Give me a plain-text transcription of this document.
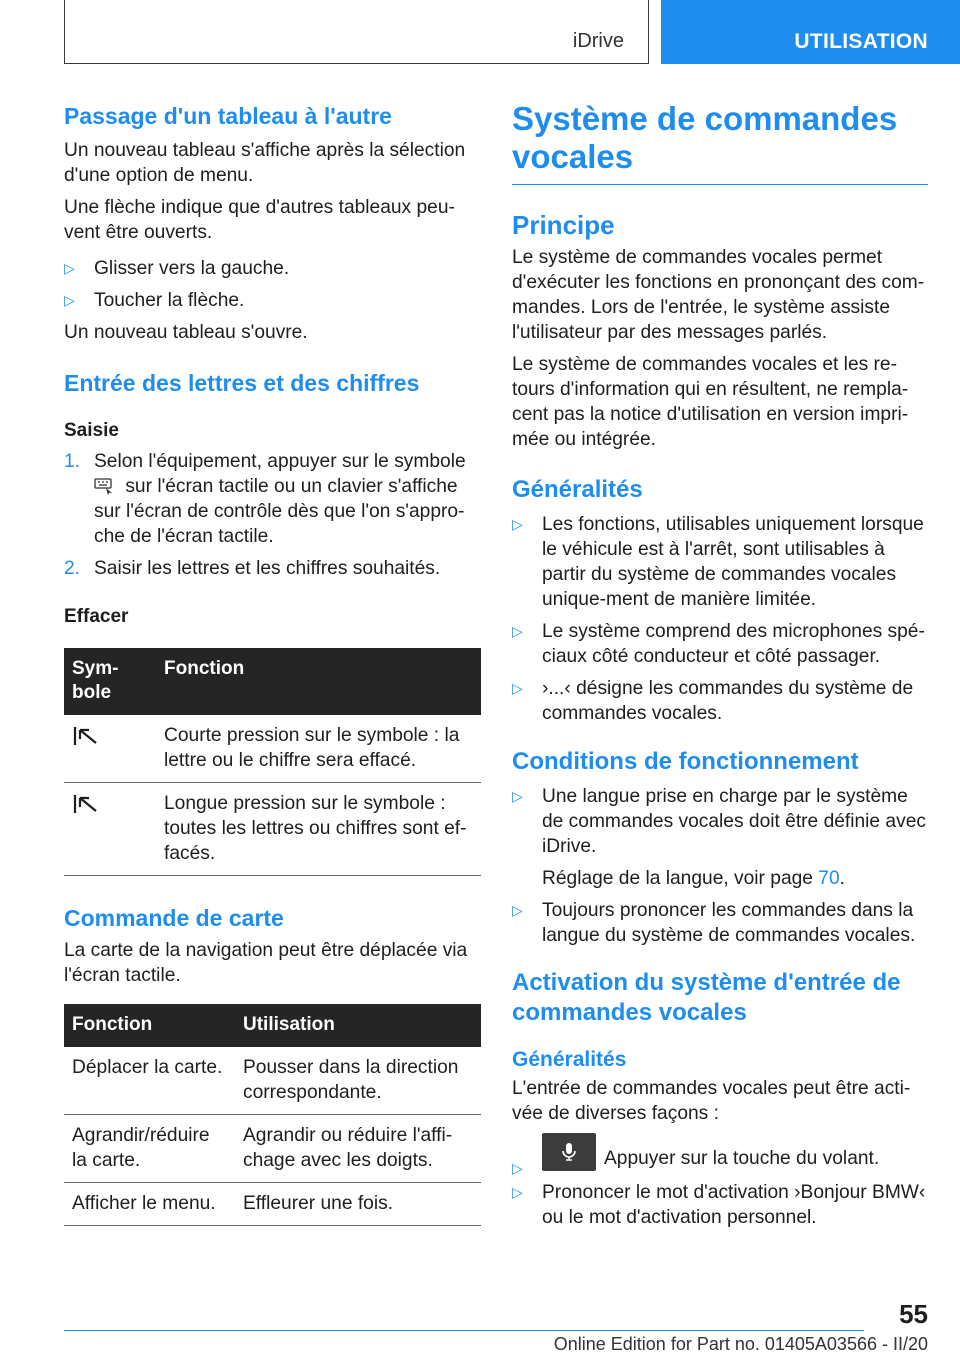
iDrive	UTILISATION
Passage d'un tableau à l'autre

Un nouveau tableau s'affiche après la sélection d'une option de menu.

Une flèche indique que d'autres tableaux peu-vent être ouverts.

▷ Glisser vers la gauche.
▷ Toucher la flèche.

Un nouveau tableau s'ouvre.

Entrée des lettres et des chiffres
Saisie
1. Selon l'équipement, appuyer sur le symbole
sur l'écran tactile ou un clavier s'affiche sur l'écran de contrôle dès que l'on s'appro-che de l'écran tactile.
2. Saisir les lettres et les chiffres souhaités.
Effacer
Sym-bole	Fonction
	Courte pression sur le symbole : la lettre ou le chiffre sera effacé.
	Longue pression sur le symbole : toutes les lettres ou chiffres sont ef-facés.
Commande de carte

La carte de la navigation peut être déplacée via l'écran tactile.

Fonction	Utilisation
Déplacer la carte.	Pousser dans la direction correspondante.
Agrandir/réduire la carte.	Agrandir ou réduire l'affi-chage avec les doigts.
Afficher le menu.	Effleurer une fois.
Système de commandes vocales
Principe

Le système de commandes vocales permet d'exécuter les fonctions en prononçant des com-mandes. Lors de l'entrée, le système assiste l'utilisateur par des messages parlés.

Le système de commandes vocales et les re-tours d'information qui en résultent, ne rempla-cent pas la notice d'utilisation en version impri-mée ou intégrée.

Généralités
▷ Les fonctions, utilisables uniquement lorsque le véhicule est à l'arrêt, sont utilisables à partir du système de commandes vocales unique-ment de manière limitée.
▷ Le système comprend des microphones spé-ciaux côté conducteur et côté passager.
▷ ›...‹ désigne les commandes du système de commandes vocales.
Conditions de fonctionnement
▷ Une langue prise en charge par le système de commandes vocales doit être définie avec iDrive.
Réglage de la langue, voir page 70.
▷ Toujours prononcer les commandes dans la langue du système de commandes vocales.
Activation du système d'entrée de commandes vocales
Généralités

L'entrée de commandes vocales peut être acti-vée de diverses façons :

▷	Appuyer sur la touche du volant.
▷ Prononcer le mot d'activation ›Bonjour BMW‹ ou le mot d'activation personnel.
55
Online Edition for Part no. 01405A03566 - II/20
